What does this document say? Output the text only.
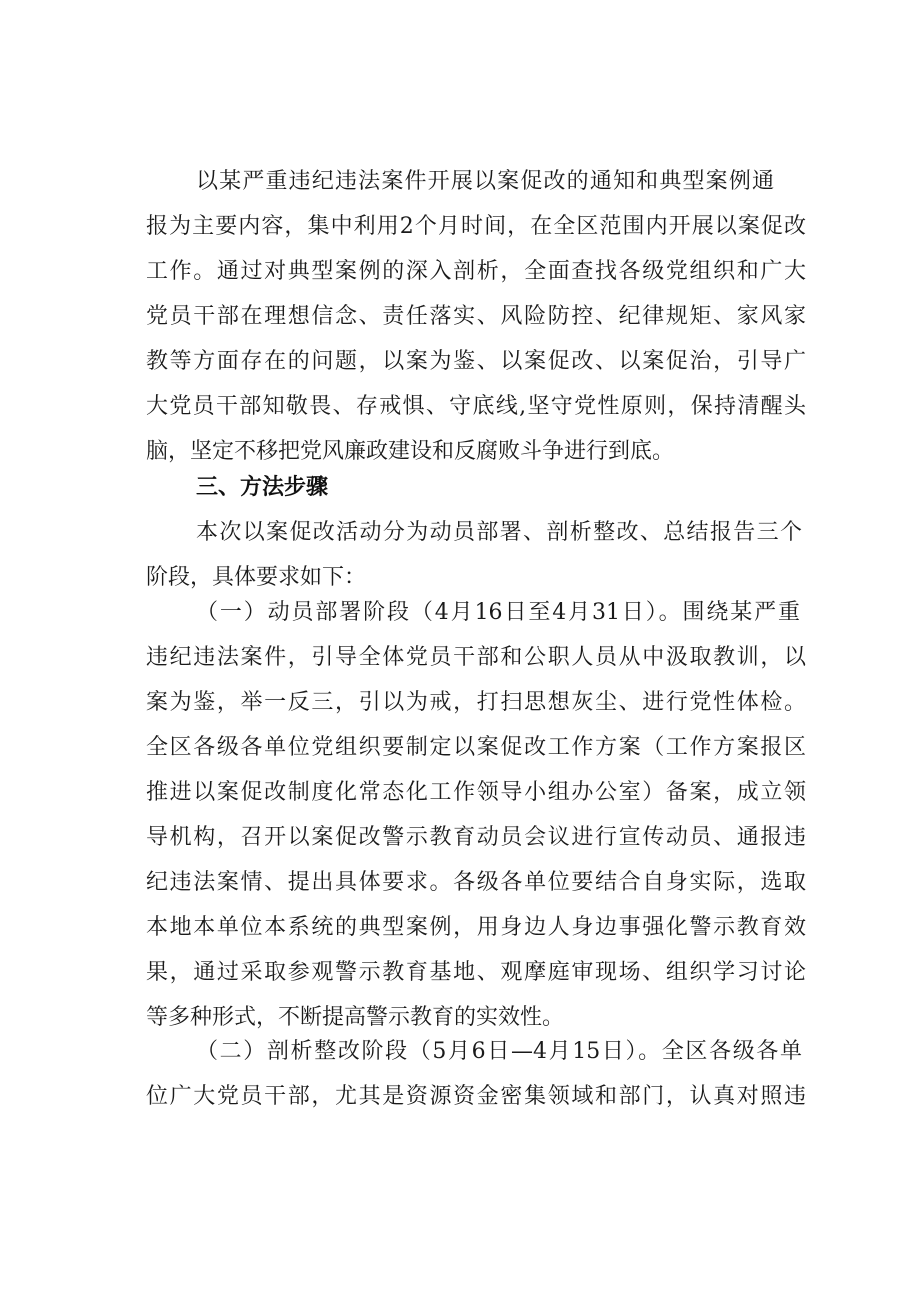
以某严重违纪违法案件开展以案促改的通知和典型案例通
报为主要内容，集中利用2个月时间，在全区范围内开展以案促改
工作。通过对典型案例的深入剖析，全面查找各级党组织和广大
党员干部在理想信念、责任落实、风险防控、纪律规矩、家风家
教等方面存在的问题，以案为鉴、以案促改、以案促治，引导广
大党员干部知敬畏、存戒惧、守底线,坚守党性原则，保持清醒头
脑，坚定不移把党风廉政建设和反腐败斗争进行到底。
三、方法步骤
本次以案促改活动分为动员部署、剖析整改、总结报告三个
阶段，具体要求如下：
（一）动员部署阶段（4月16日至4月31日）。围绕某严重
违纪违法案件，引导全体党员干部和公职人员从中汲取教训，以
案为鉴，举一反三，引以为戒，打扫思想灰尘、进行党性体检。
全区各级各单位党组织要制定以案促改工作方案（工作方案报区
推进以案促改制度化常态化工作领导小组办公室）备案，成立领
导机构，召开以案促改警示教育动员会议进行宣传动员、通报违
纪违法案情、提出具体要求。各级各单位要结合自身实际，选取
本地本单位本系统的典型案例，用身边人身边事强化警示教育效
果，通过采取参观警示教育基地、观摩庭审现场、组织学习讨论
等多种形式，不断提高警示教育的实效性。
（二）剖析整改阶段（5月6日—4月15日）。全区各级各单
位广大党员干部，尤其是资源资金密集领域和部门，认真对照违
